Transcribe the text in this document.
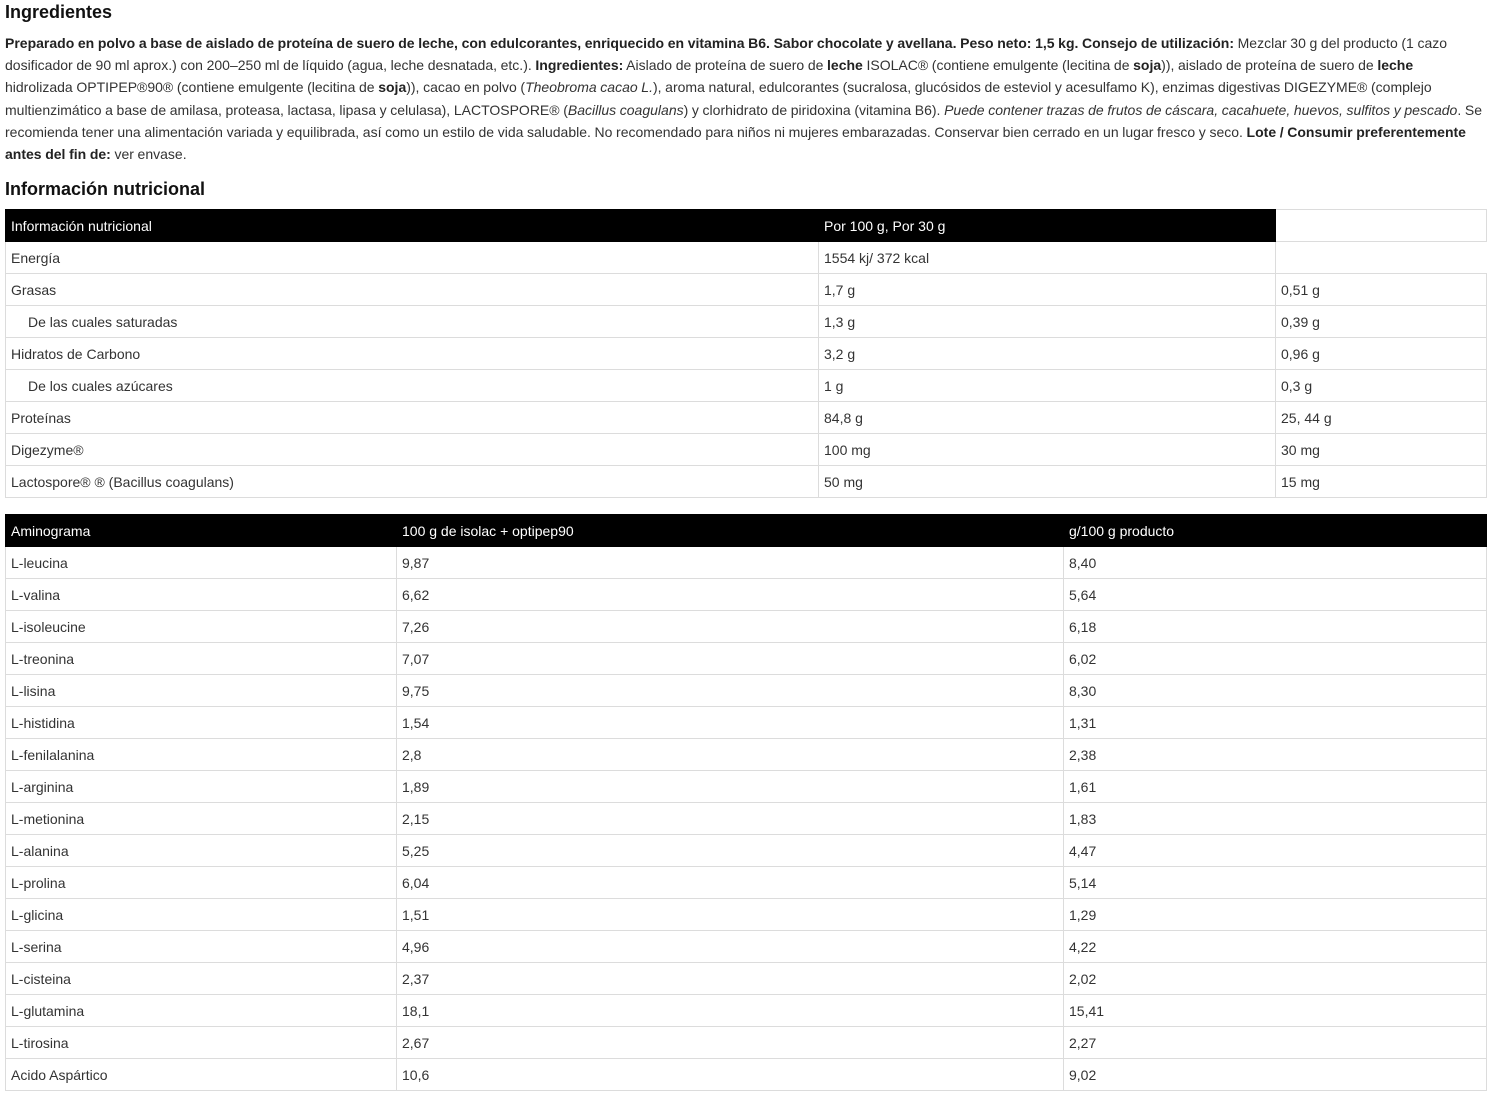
Ingredientes

Preparado en polvo a base de aislado de proteína de suero de leche, con edulcorantes, enriquecido en vitamina B6. Sabor chocolate y avellana. Peso neto: 1,5 kg. Consejo de utilización: Mezclar 30 g del producto (1 cazo dosificador de 90 ml aprox.) con 200–250 ml de líquido (agua, leche desnatada, etc.). Ingredientes: Aislado de proteína de suero de leche ISOLAC® (contiene emulgente (lecitina de soja)), aislado de proteína de suero de leche hidrolizada OPTIPEP®90® (contiene emulgente (lecitina de soja)), cacao en polvo (Theobroma cacao L.), aroma natural, edulcorantes (sucralosa, glucósidos de esteviol y acesulfamo K), enzimas digestivas DIGEZYME® (complejo multienzimático a base de amilasa, proteasa, lactasa, lipasa y celulasa), LACTOSPORE® (Bacillus coagulans) y clorhidrato de piridoxina (vitamina B6). Puede contener trazas de frutos de cáscara, cacahuete, huevos, sulfitos y pescado. Se recomienda tener una alimentación variada y equilibrada, así como un estilo de vida saludable. No recomendado para niños ni mujeres embarazadas. Conservar bien cerrado en un lugar fresco y seco. Lote / Consumir preferentemente antes del fin de: ver envase.

Información nutricional
Información nutricional	Por 100 g, Por 30 g	
Energía	1554 kj/ 372 kcal	
Grasas	1,7 g	0,51 g
De las cuales saturadas	1,3 g	0,39 g
Hidratos de Carbono	3,2 g	0,96 g
De los cuales azúcares	1 g	0,3 g
Proteínas	84,8 g	25, 44 g
Digezyme®	100 mg	30 mg
Lactospore® ® (Bacillus coagulans)	50 mg	15 mg
Aminograma	100 g de isolac + optipep90	g/100 g producto
L-leucina	9,87	8,40
L-valina	6,62	5,64
L-isoleucine	7,26	6,18
L-treonina	7,07	6,02
L-lisina	9,75	8,30
L-histidina	1,54	1,31
L-fenilalanina	2,8	2,38
L-arginina	1,89	1,61
L-metionina	2,15	1,83
L-alanina	5,25	4,47
L-prolina	6,04	5,14
L-glicina	1,51	1,29
L-serina	4,96	4,22
L-cisteina	2,37	2,02
L-glutamina	18,1	15,41
L-tirosina	2,67	2,27
Acido Aspártico	10,6	9,02
